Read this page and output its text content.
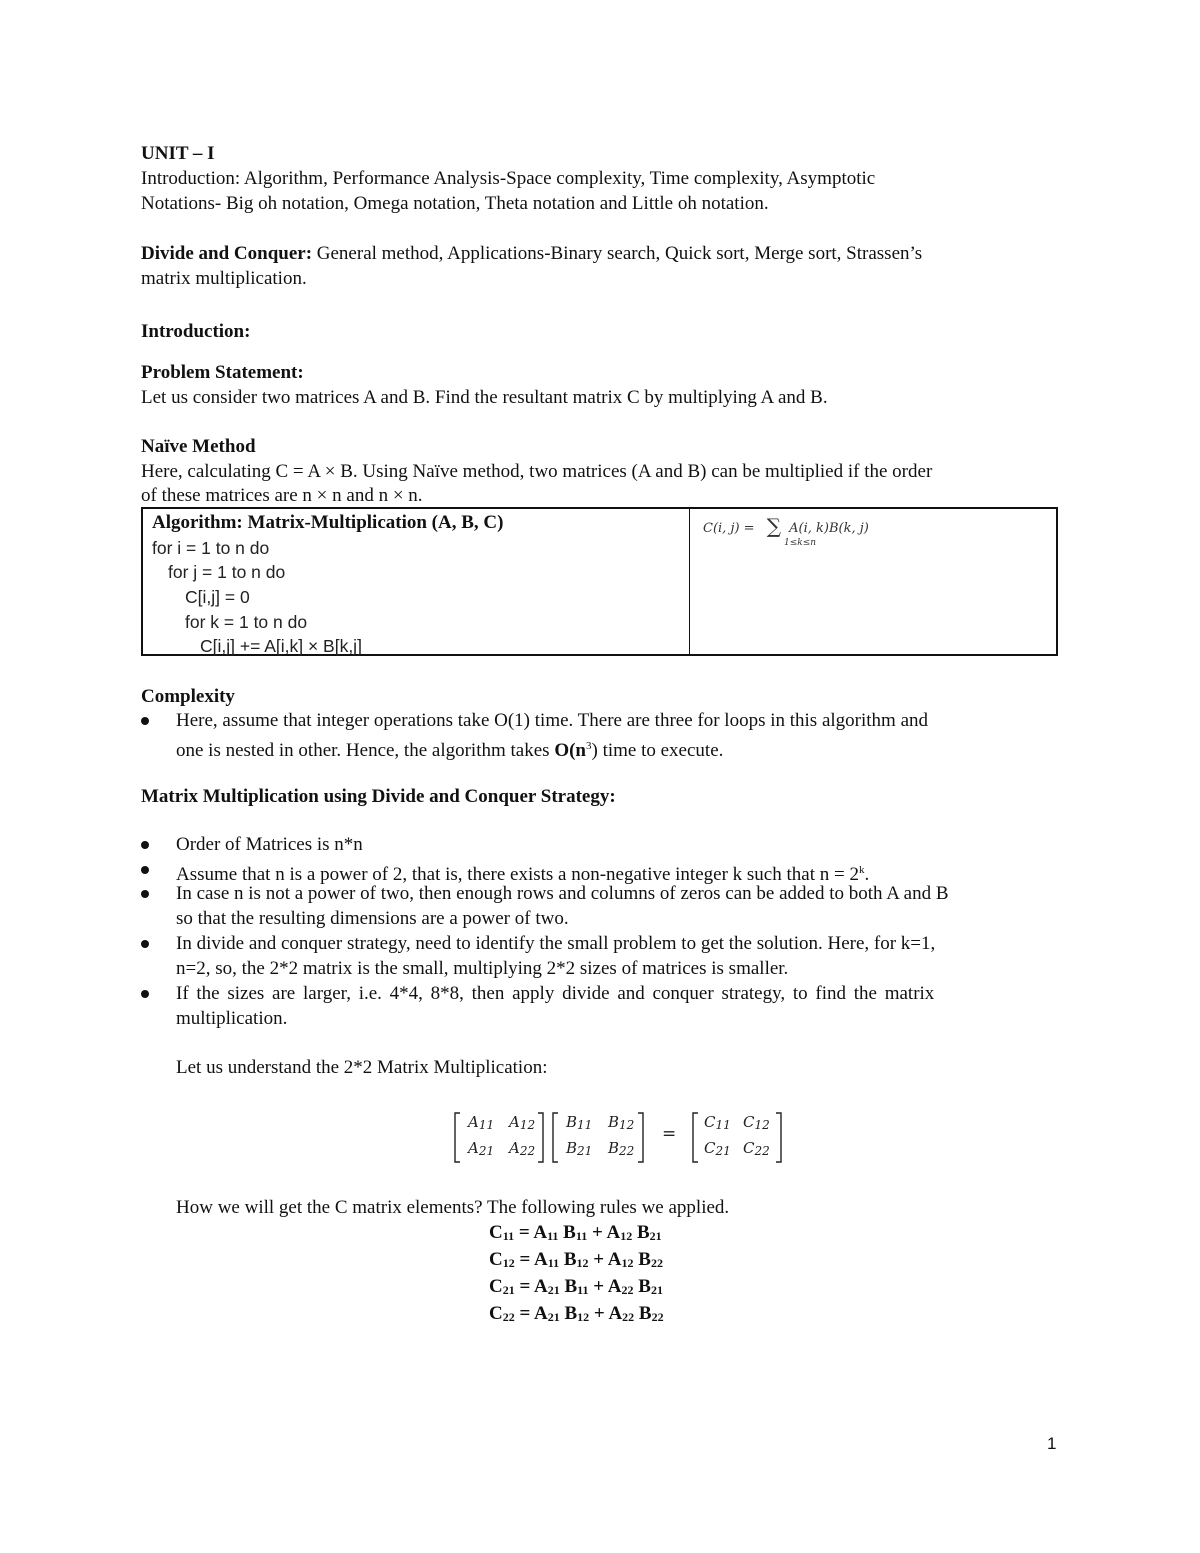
UNIT – I
Introduction: Algorithm, Performance Analysis-Space complexity, Time complexity, Asymptotic
Notations- Big oh notation, Omega notation, Theta notation and Little oh notation.
Divide and Conquer: General method, Applications-Binary search, Quick sort, Merge sort, Strassen’s
matrix multiplication.
Introduction:
Problem Statement:
Let us consider two matrices A and B. Find the resultant matrix C by multiplying A and B.
Naïve Method
Here, calculating C = A × B. Using Naïve method, two matrices (A and B) can be multiplied if the order
of these matrices are n × n and n × n.
Algorithm: Matrix-Multiplication (A, B, C)
for i = 1 to n do
for j = 1 to n do
C[i,j] = 0
for k = 1 to n do
C[i,j] += A[i,k] × B[k,j]
C(i, j) = ∑ A(i, k)B(k, j)
1≤k≤n
Complexity
Here, assume that integer operations take O(1) time. There are three for loops in this algorithm and
one is nested in other. Hence, the algorithm takes $O(n^3)$ time to execute.
Matrix Multiplication using Divide and Conquer Strategy:
Order of Matrices is n*n
Assume that n is a power of 2, that is, there exists a non-negative integer k such that $n = 2^k$.
In case n is not a power of two, then enough rows and columns of zeros can be added to both A and B
so that the resulting dimensions are a power of two.
In divide and conquer strategy, need to identify the small problem to get the solution. Here, for k=1,
n=2, so, the 2*2 matrix is the small, multiplying 2*2 sizes of matrices is smaller.
If the sizes are larger, i.e. 4*4, 8*8, then apply divide and conquer strategy, to find the matrix
multiplication.
Let us understand the 2*2 Matrix Multiplication:
$A_{11}$ $A_{12}$
$A_{21}$ $A_{22}$
$B_{11}$ $B_{12}$
$B_{21}$ $B_{22}$
=
$C_{11}$ $C_{12}$
$C_{21}$ $C_{22}$
How we will get the C matrix elements? The following rules we applied.
$C_{11} = A_{11}$ $B_{11} + A_{12}$ $B_{21}$
$C_{12} = A_{11}$ $B_{12} + A_{12}$ $B_{22}$
$C_{21} = A_{21}$ $B_{11} + A_{22}$ $B_{21}$
$C_{22} = A_{21}$ $B_{12} + A_{22}$ $B_{22}$
1
